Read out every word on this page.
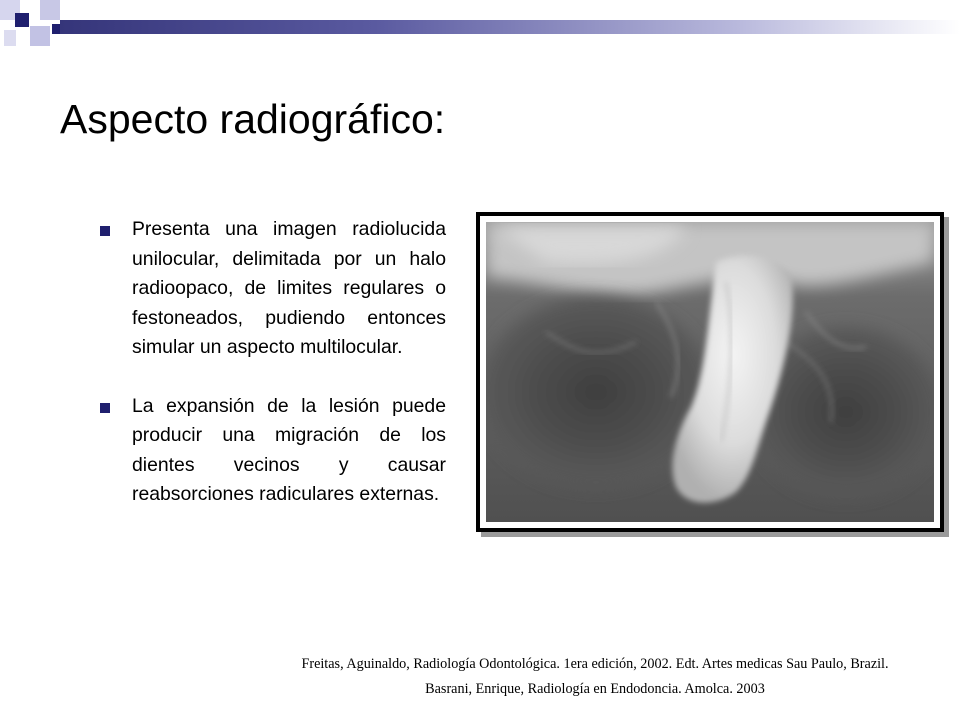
Aspecto radiográfico:
Presenta una imagen radiolucida unilocular, delimitada por un halo radioopaco, de limites regulares o festoneados, pudiendo entonces simular un aspecto multilocular.
La expansión de la lesión puede producir una migración de los dientes vecinos y causar reabsorciones radiculares externas.
Freitas, Aguinaldo, Radiología Odontológica. 1era edición, 2002. Edt. Artes medicas Sau Paulo, Brazil.
Basrani, Enrique, Radiología en Endodoncia. Amolca. 2003
